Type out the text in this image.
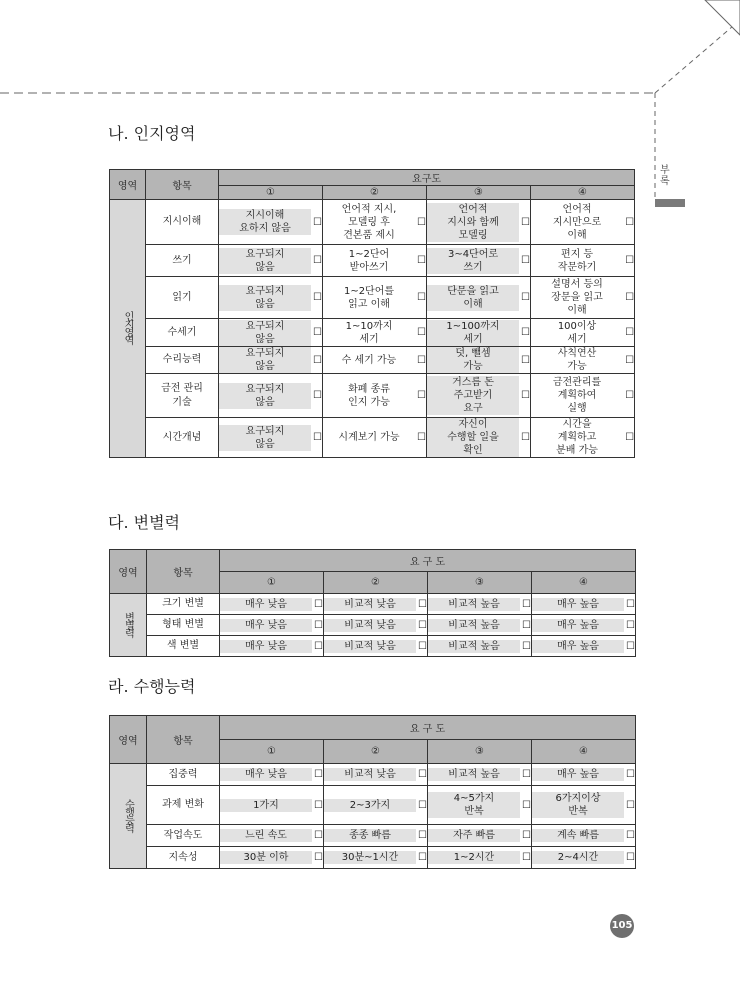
부록
나. 인지영역
영역	항목	요구도			
		①	②	③	④
인지영역	지시이해	지시이해
요하지 않음
☐	언어적 지시,
모델링 후
견본품 제시
☐	언어적
지시와 함께
모델링
☐	언어적
지시만으로
이해
☐

	쓰기	요구되지
않음
☐	1~2단어
받아쓰기
☐	3~4단어로
쓰기
☐	편지 등
작문하기
☐

	읽기	요구되지
않음
☐	1~2단어를
읽고 이해
☐	단문을 읽고
이해
☐	설명서 등의
장문을 읽고
이해
☐

	수세기	요구되지
않음
☐	1~10까지
세기
☐	1~100까지
세기
☐	100이상
세기
☐

	수리능력	요구되지
않음
☐	수 세기 가능 ☐	덧, 뺄셈
가능
☐	사칙연산
가능
☐

	금전 관리
기술	요구되지
않음
☐	화폐 종류
인지 가능
☐	거스름 돈
주고받기
요구
☐	금전관리를
계획하여
실행
☐

	시간개념	요구되지
않음
☐	시계보기 가능 ☐	자신이
수행할 일을
확인
☐	시간을
계획하고
분배 가능
☐
다. 변별력
영역	항목	요 구 도			
		①	②	③	④
변별력	크기 변별	매우 낮음 ☐	비교적 낮음 ☐	비교적 높음 ☐	매우 높음 ☐

	형태 변별	매우 낮음 ☐	비교적 낮음 ☐	비교적 높음 ☐	매우 높음 ☐

	색 변별	매우 낮음 ☐	비교적 낮음 ☐	비교적 높음 ☐	매우 높음 ☐
라. 수행능력
영역	항목	요 구 도			
		①	②	③	④
수행능력	집중력	매우 낮음 ☐	비교적 낮음 ☐	비교적 높음 ☐	매우 높음 ☐

	과제 변화	1가지 ☐	2~3가지 ☐	4~5가지
반복
☐	6가지이상
반복
☐

	작업속도	느린 속도 ☐	종종 빠름 ☐	자주 빠름 ☐	계속 빠름 ☐

	지속성	30분 이하 ☐	30분~1시간 ☐	1~2시간 ☐	2~4시간 ☐
105
